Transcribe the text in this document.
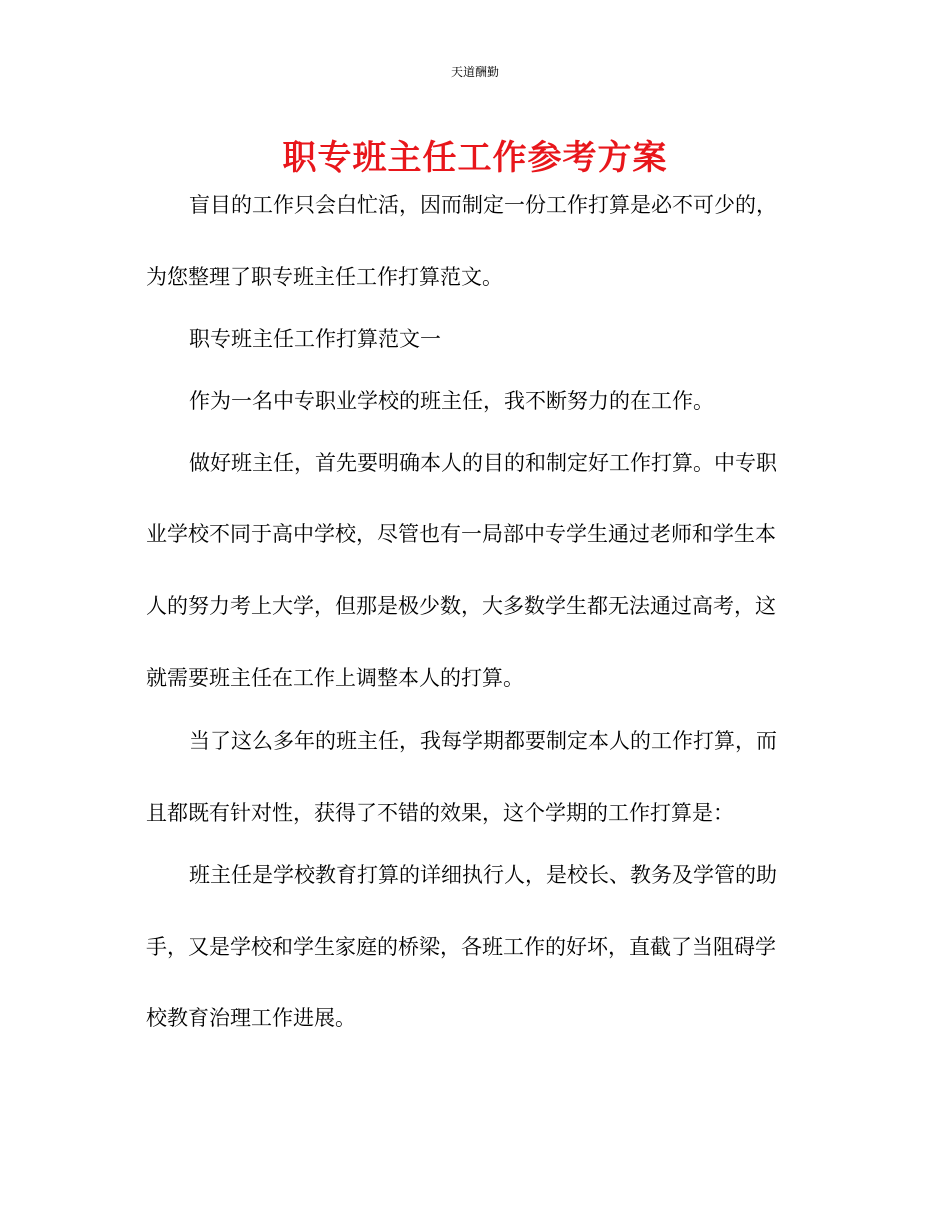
天道酬勤
职专班主任工作参考方案
盲目的工作只会白忙活，因而制定一份工作打算是必不可少的，
为您整理了职专班主任工作打算范文。
职专班主任工作打算范文一
作为一名中专职业学校的班主任，我不断努力的在工作。
做好班主任，首先要明确本人的目的和制定好工作打算。中专职
业学校不同于高中学校，尽管也有一局部中专学生通过老师和学生本
人的努力考上大学，但那是极少数，大多数学生都无法通过高考，这
就需要班主任在工作上调整本人的打算。
当了这么多年的班主任，我每学期都要制定本人的工作打算，而
且都既有针对性，获得了不错的效果，这个学期的工作打算是：
班主任是学校教育打算的详细执行人，是校长、教务及学管的助
手，又是学校和学生家庭的桥梁，各班工作的好坏，直截了当阻碍学
校教育治理工作进展。
